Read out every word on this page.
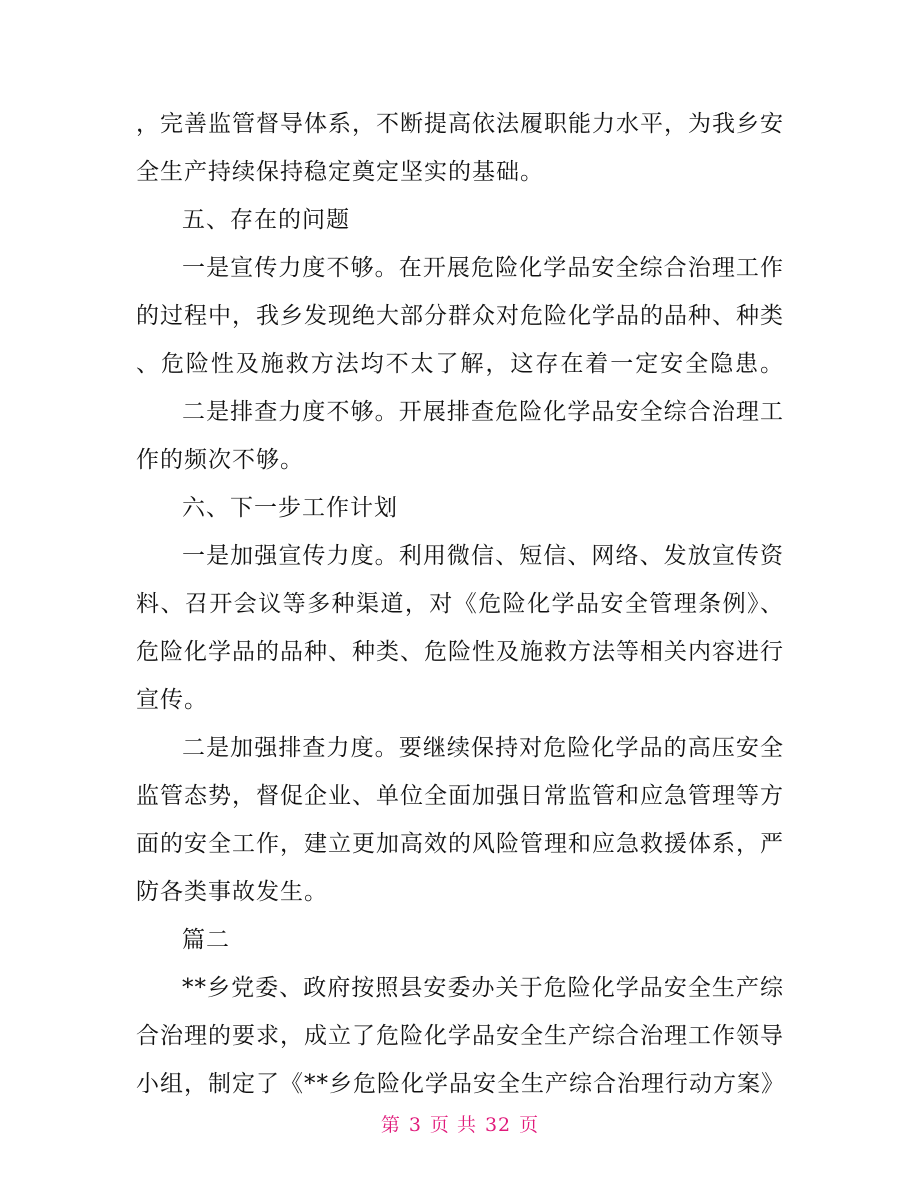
，完善监管督导体系，不断提高依法履职能力水平，为我乡安
全生产持续保持稳定奠定坚实的基础。
五、存在的问题
一是宣传力度不够。在开展危险化学品安全综合治理工作
的过程中，我乡发现绝大部分群众对危险化学品的品种、种类
、危险性及施救方法均不太了解，这存在着一定安全隐患。
二是排查力度不够。开展排查危险化学品安全综合治理工
作的频次不够。
六、下一步工作计划
一是加强宣传力度。利用微信、短信、网络、发放宣传资
料、召开会议等多种渠道，对《危险化学品安全管理条例》、
危险化学品的品种、种类、危险性及施救方法等相关内容进行
宣传。
二是加强排查力度。要继续保持对危险化学品的高压安全
监管态势，督促企业、单位全面加强日常监管和应急管理等方
面的安全工作，建立更加高效的风险管理和应急救援体系，严
防各类事故发生。
篇二
**乡党委、政府按照县安委办关于危险化学品安全生产综
合治理的要求，成立了危险化学品安全生产综合治理工作领导
小组，制定了《**乡危险化学品安全生产综合治理行动方案》
第 3 页 共 32 页
